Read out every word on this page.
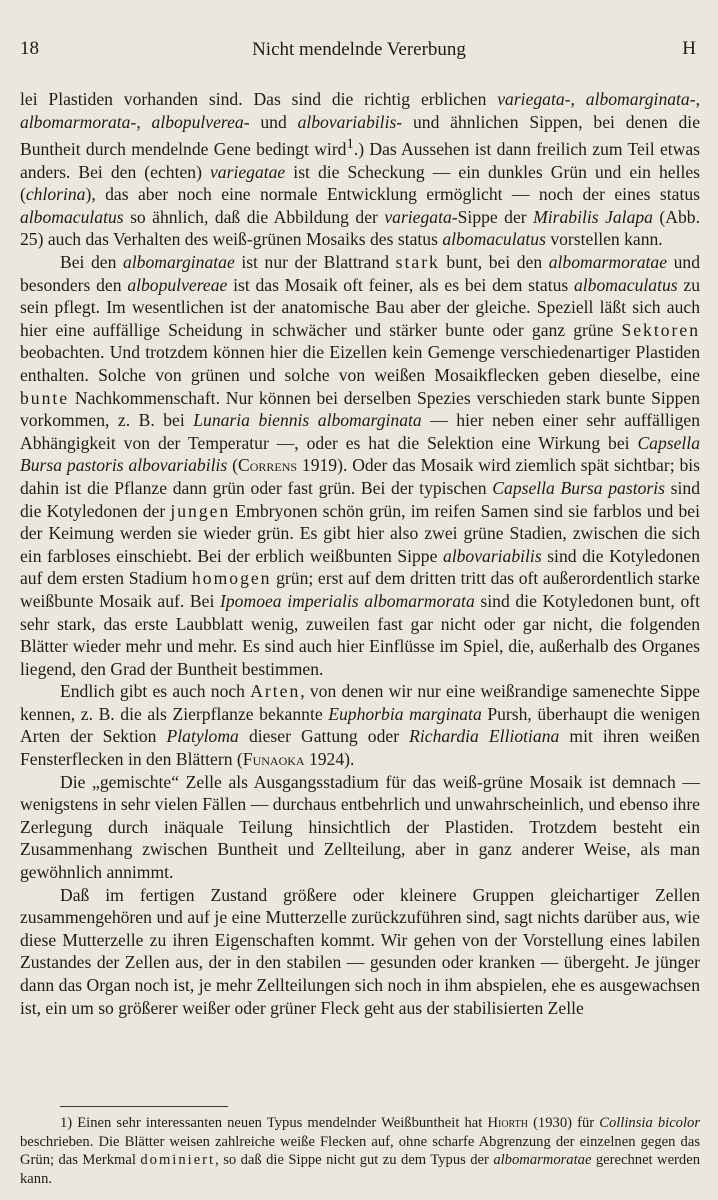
18	Nicht mendelnde Vererbung	H

lei Plastiden vorhanden sind. Das sind die richtig erblichen variegata-, albomarginata-, albomarmorata-, albopulverea- und albovariabilis- und ähnlichen Sippen, bei denen die Buntheit durch mendelnde Gene bedingt wird$^1$.) Das Aussehen ist dann freilich zum Teil etwas anders. Bei den (echten) variegatae ist die Scheckung — ein dunkles Grün und ein helles (chlorina), das aber noch eine normale Entwicklung ermöglicht — noch der eines status albomaculatus so ähnlich, daß die Abbildung der variegata-Sippe der Mirabilis Jalapa (Abb. 25) auch das Verhalten des weiß-grünen Mosaiks des status albomaculatus vorstellen kann.

Bei den albomarginatae ist nur der Blattrand stark bunt, bei den albomarmoratae und besonders den albopulvereae ist das Mosaik oft feiner, als es bei dem status albomaculatus zu sein pflegt. Im wesentlichen ist der anatomische Bau aber der gleiche. Speziell läßt sich auch hier eine auffällige Scheidung in schwächer und stärker bunte oder ganz grüne Sektoren beobachten. Und trotzdem können hier die Eizellen kein Gemenge verschiedenartiger Plastiden enthalten. Solche von grünen und solche von weißen Mosaikflecken geben dieselbe, eine bunte Nachkommenschaft. Nur können bei derselben Spezies verschieden stark bunte Sippen vorkommen, z. B. bei Lunaria biennis albomarginata — hier neben einer sehr auffälligen Abhängigkeit von der Temperatur —, oder es hat die Selektion eine Wirkung bei Capsella Bursa pastoris albovariabilis (Correns 1919). Oder das Mosaik wird ziemlich spät sichtbar; bis dahin ist die Pflanze dann grün oder fast grün. Bei der typischen Capsella Bursa pastoris sind die Kotyledonen der jungen Embryonen schön grün, im reifen Samen sind sie farblos und bei der Keimung werden sie wieder grün. Es gibt hier also zwei grüne Stadien, zwischen die sich ein farbloses einschiebt. Bei der erblich weißbunten Sippe albovariabilis sind die Kotyledonen auf dem ersten Stadium homogen grün; erst auf dem dritten tritt das oft außerordentlich starke weißbunte Mosaik auf. Bei Ipomoea imperialis albomarmorata sind die Kotyledonen bunt, oft sehr stark, das erste Laubblatt wenig, zuweilen fast gar nicht oder gar nicht, die folgenden Blätter wieder mehr und mehr. Es sind auch hier Einflüsse im Spiel, die, außerhalb des Organes liegend, den Grad der Buntheit bestimmen.

Endlich gibt es auch noch Arten, von denen wir nur eine weißrandige samenechte Sippe kennen, z. B. die als Zierpflanze bekannte Euphorbia marginata Pursh, überhaupt die wenigen Arten der Sektion Platyloma dieser Gattung oder Richardia Elliotiana mit ihren weißen Fensterflecken in den Blättern (Funaoka 1924).

Die „gemischte“ Zelle als Ausgangsstadium für das weiß-grüne Mosaik ist demnach — wenigstens in sehr vielen Fällen — durchaus entbehrlich und unwahrscheinlich, und ebenso ihre Zerlegung durch inäquale Teilung hinsichtlich der Plastiden. Trotzdem besteht ein Zusammenhang zwischen Buntheit und Zellteilung, aber in ganz anderer Weise, als man gewöhnlich annimmt.

Daß im fertigen Zustand größere oder kleinere Gruppen gleichartiger Zellen zusammengehören und auf je eine Mutterzelle zurückzuführen sind, sagt nichts darüber aus, wie diese Mutterzelle zu ihren Eigenschaften kommt. Wir gehen von der Vorstellung eines labilen Zustandes der Zellen aus, der in den stabilen — gesunden oder kranken — übergeht. Je jünger dann das Organ noch ist, je mehr Zellteilungen sich noch in ihm abspielen, ehe es ausgewachsen ist, ein um so größerer weißer oder grüner Fleck geht aus der stabilisierten Zelle

1) Einen sehr interessanten neuen Typus mendelnder Weißbuntheit hat Hiorth (1930) für Collinsia bicolor beschrieben. Die Blätter weisen zahlreiche weiße Flecken auf, ohne scharfe Abgrenzung der einzelnen gegen das Grün; das Merkmal dominiert, so daß die Sippe nicht gut zu dem Typus der albomarmoratae gerechnet werden kann.
